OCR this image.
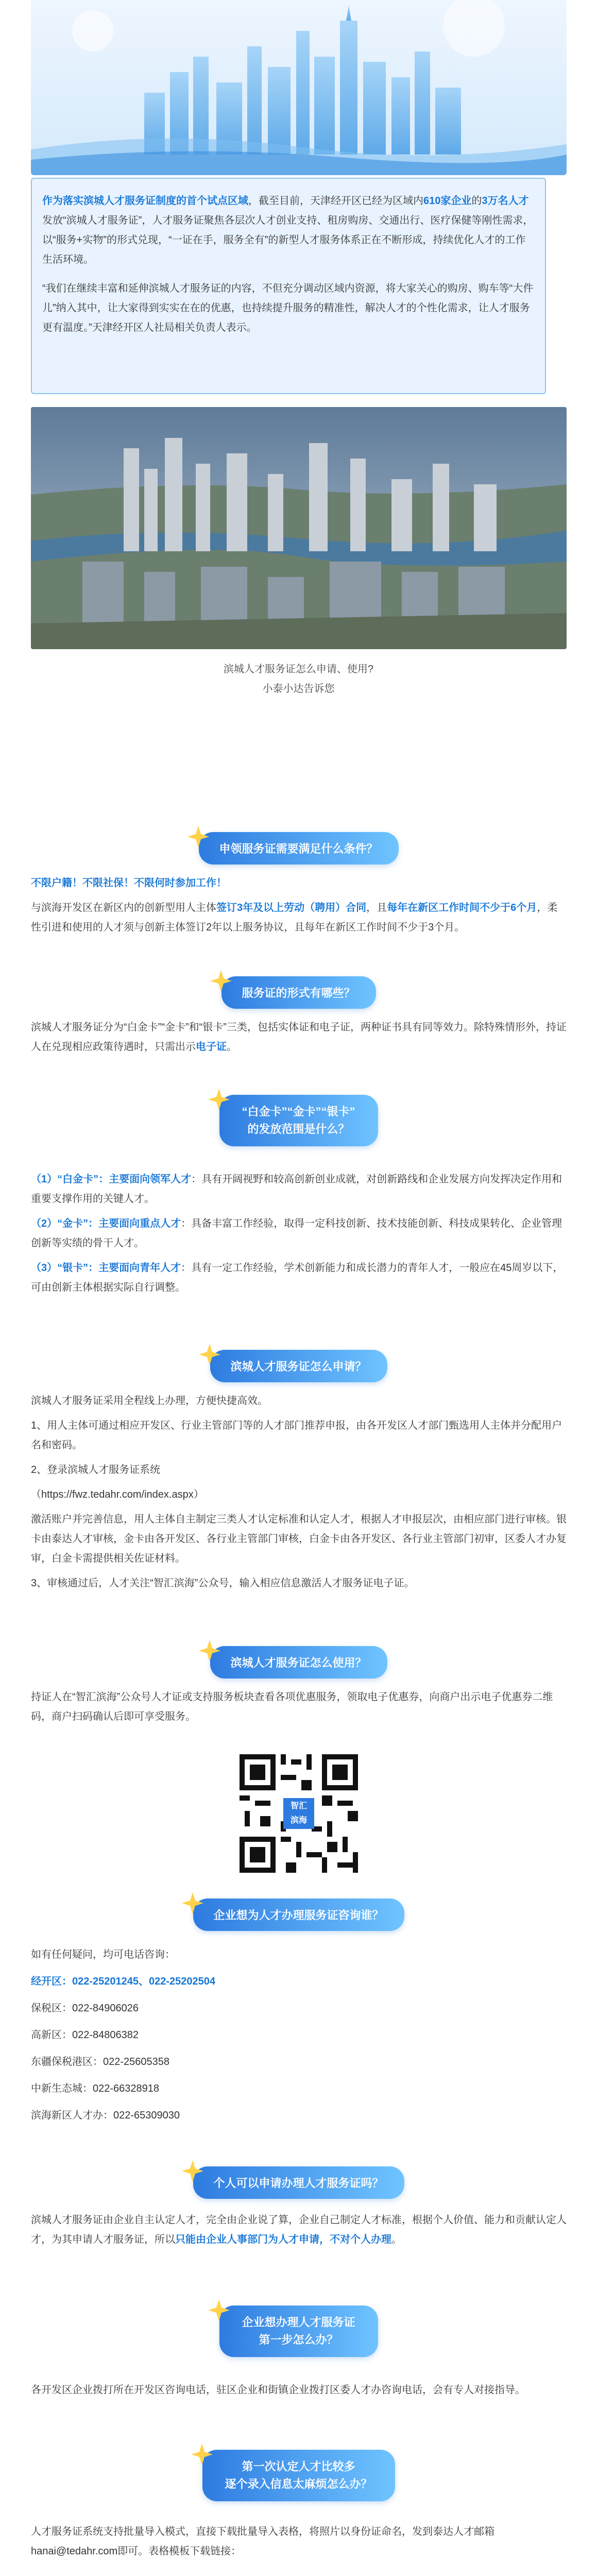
作为落实滨城人才服务证制度的首个试点区域，截至目前，天津经开区已经为区域内610家企业的3万名人才发放“滨城人才服务证”，人才服务证聚焦各层次人才创业支持、租房购房、交通出行、医疗保健等刚性需求，以“服务+实物”的形式兑现，“一证在手，服务全有”的新型人才服务体系正在不断形成，持续优化人才的工作生活环境。

“我们在继续丰富和延伸滨城人才服务证的内容，不但充分调动区域内资源，将大家关心的购房、购车等“大件儿”纳入其中，让大家得到实实在在的优惠，也持续提升服务的精准性，解决人才的个性化需求，让人才服务更有温度。”天津经开区人社局相关负责人表示。

滨城人才服务证怎么申请、使用?
小泰小达告诉您
申领服务证需要满足什么条件？

不限户籍！不限社保！不限何时参加工作！

与滨海开发区在新区内的创新型用人主体签订3年及以上劳动（聘用）合同，且每年在新区工作时间不少于6个月，柔性引进和使用的人才须与创新主体签订2年以上服务协议，且每年在新区工作时间不少于3个月。

服务证的形式有哪些？

滨城人才服务证分为“白金卡”“金卡”和“银卡”三类，包括实体证和电子证，两种证书具有同等效力。除特殊情形外，持证人在兑现相应政策待遇时，只需出示电子证。

“白金卡”“金卡”“银卡”
的发放范围是什么？

（1）“白金卡”：主要面向领军人才：具有开阔视野和较高创新创业成就，对创新路线和企业发展方向发挥决定作用和重要支撑作用的关键人才。

（2）“金卡”：主要面向重点人才：具备丰富工作经验，取得一定科技创新、技术技能创新、科技成果转化、企业管理创新等实绩的骨干人才。

（3）“银卡”：主要面向青年人才：具有一定工作经验，学术创新能力和成长潜力的青年人才，一般应在45周岁以下，可由创新主体根据实际自行调整。

滨城人才服务证怎么申请？

滨城人才服务证采用全程线上办理，方便快捷高效。

1、用人主体可通过相应开发区、行业主管部门等的人才部门推荐申报，由各开发区人才部门甄选用人主体并分配用户名和密码。

2、登录滨城人才服务证系统

（https://fwz.tedahr.com/index.aspx）

激活账户并完善信息，用人主体自主制定三类人才认定标准和认定人才，根据人才申报层次，由相应部门进行审核。银卡由泰达人才审核，金卡由各开发区、各行业主管部门审核，白金卡由各开发区、各行业主管部门初审，区委人才办复审，白金卡需提供相关佐证材料。

3、审核通过后，人才关注“智汇滨海”公众号，输入相应信息激活人才服务证电子证。

滨城人才服务证怎么使用？

持证人在“智汇滨海”公众号人才证或支持服务板块查看各项优惠服务，领取电子优惠券，向商户出示电子优惠券二维码，商户扫码确认后即可享受服务。

智汇
滨海
企业想为人才办理服务证咨询谁？

如有任何疑问，均可电话咨询：

经开区：022-25201245、022-25202504

保税区：022-84906026

高新区：022-84806382

东疆保税港区：022-25605358

中新生态城：022-66328918

滨海新区人才办：022-65309030

个人可以申请办理人才服务证吗？

滨城人才服务证由企业自主认定人才，完全由企业说了算，企业自己制定人才标准，根据个人价值、能力和贡献认定人才，为其申请人才服务证，所以只能由企业人事部门为人才申请，不对个人办理。

企业想办理人才服务证
第一步怎么办？

各开发区企业拨打所在开发区咨询电话，驻区企业和街镇企业拨打区委人才办咨询电话，会有专人对接指导。

第一次认定人才比较多
逐个录入信息太麻烦怎么办？

人才服务证系统支持批量导入模式，直接下载批量导入表格，将照片以身份证命名，发到泰达人才邮箱hanai@tedahr.com即可。表格模板下载链接：
